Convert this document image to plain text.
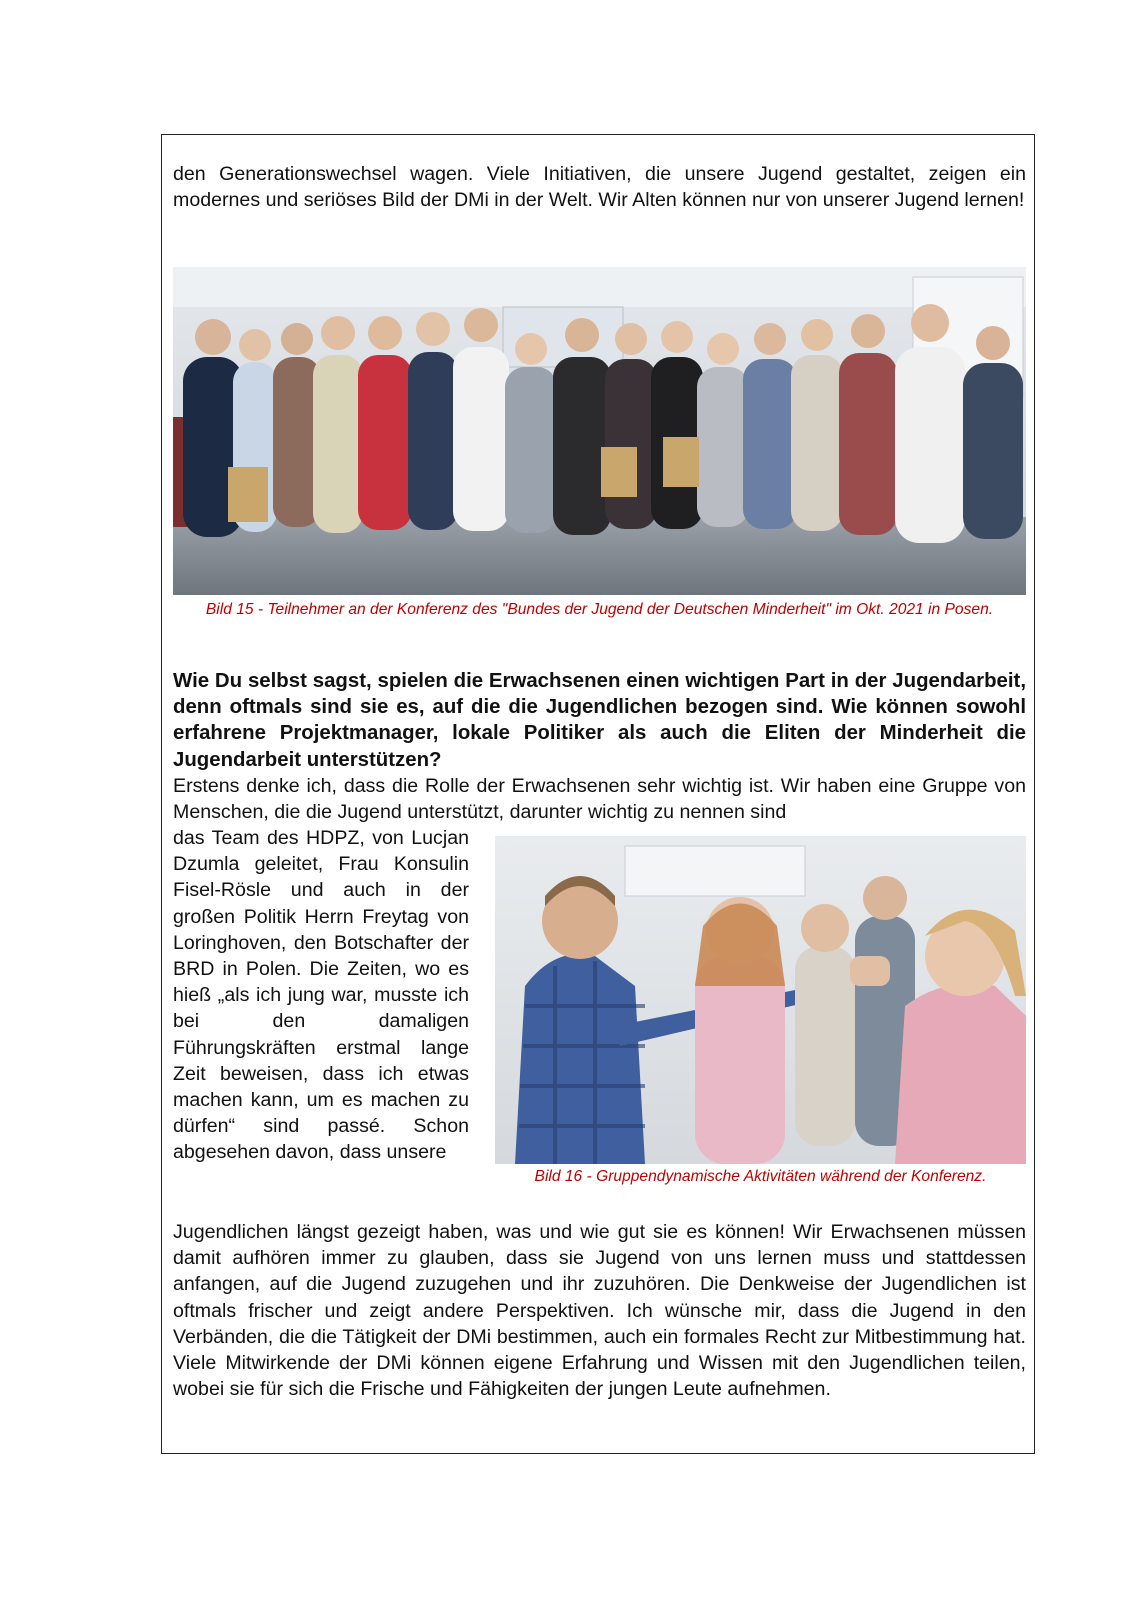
den Generationswechsel wagen. Viele Initiativen, die unsere Jugend gestaltet, zeigen ein modernes und seriöses Bild der DMi in der Welt. Wir Alten können nur von unserer Jugend lernen!

Bild 15 - Teilnehmer an der Konferenz des "Bundes der Jugend der Deutschen Minderheit" im Okt. 2021 in Posen.

Wie Du selbst sagst, spielen die Erwachsenen einen wichtigen Part in der Jugendarbeit, denn oftmals sind sie es, auf die die Jugendlichen bezogen sind. Wie können sowohl erfahrene Projektmanager, lokale Politiker als auch die Eliten der Minderheit die Jugendarbeit unterstützen?

Erstens denke ich, dass die Rolle der Erwachsenen sehr wichtig ist. Wir haben eine Gruppe von Menschen, die die Jugend unterstützt, darunter wichtig zu nennen sind

das Team des HDPZ, von Lucjan Dzumla geleitet, Frau Konsulin Fisel-Rösle und auch in der großen Politik Herrn Freytag von Loringhoven, den Botschafter der BRD in Polen. Die Zeiten, wo es hieß „als ich jung war, musste ich bei den damaligen Führungskräften erstmal lange Zeit beweisen, dass ich etwas machen kann, um es machen zu dürfen“ sind passé. Schon abgesehen davon, dass unsere

Bild 16 - Gruppendynamische Aktivitäten während der Konferenz.

Jugendlichen längst gezeigt haben, was und wie gut sie es können! Wir Erwachsenen müssen damit aufhören immer zu glauben, dass sie Jugend von uns lernen muss und stattdessen anfangen, auf die Jugend zuzugehen und ihr zuzuhören. Die Denkweise der Jugendlichen ist oftmals frischer und zeigt andere Perspektiven. Ich wünsche mir, dass die Jugend in den Verbänden, die die Tätigkeit der DMi bestimmen, auch ein formales Recht zur Mitbestimmung hat. Viele Mitwirkende der DMi können eigene Erfahrung und Wissen mit den Jugendlichen teilen, wobei sie für sich die Frische und Fähigkeiten der jungen Leute aufnehmen.
